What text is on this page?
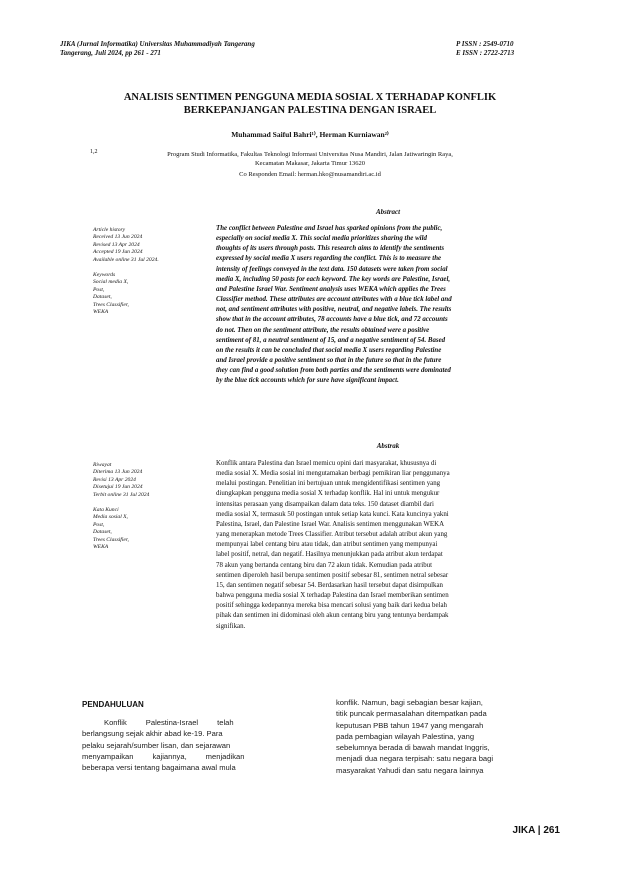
JIKA (Jurnal Informatika) Universitas Muhammadiyah Tangerang
Tangerang, Juli 2024, pp 261 - 271
P ISSN : 2549-0710
E ISSN : 2722-2713
ANALISIS SENTIMEN PENGGUNA MEDIA SOSIAL X TERHADAP KONFLIK
BERKEPANJANGAN PALESTINA DENGAN ISRAEL
Muhammad Saiful Bahri¹⁾, Herman Kurniawan²⁾
1,2	Program Studi Informatika, Fakultas Teknologi Informasi Universitas Nusa Mandiri, Jalan Jatiwaringin Raya,
Kecamatan Makasar, Jakarta Timur 13620
Co Responden Email: herman.hko@nusamandiri.ac.id
Abstract
Article history
Received 13 Jun 2024
Revised 13 Apr 2024
Accepted 19 Jun 2024
Available online 31 Jul 2024.
Keywords
Social media X,
Post,
Dataset,
Trees Classifier,
WEKA
The conflict between Palestine and Israel has sparked opinions from the public,
especially on social media X. This social media prioritizes sharing the wild
thoughts of its users through posts. This research aims to identify the sentiments
expressed by social media X users regarding the conflict. This is to measure the
intensity of feelings conveyed in the text data. 150 datasets were taken from social
media X, including 50 posts for each keyword. The key words are Palestine, Israel,
and Palestine Israel War. Sentiment analysis uses WEKA which applies the Trees
Classifier method. These attributes are account attributes with a blue tick label and
not, and sentiment attributes with positive, neutral, and negative labels. The results
show that in the account attributes, 78 accounts have a blue tick, and 72 accounts
do not. Then on the sentiment attribute, the results obtained were a positive
sentiment of 81, a neutral sentiment of 15, and a negative sentiment of 54. Based
on the results it can be concluded that social media X users regarding Palestine
and Israel provide a positive sentiment so that in the future so that in the future
they can find a good solution from both parties and the sentiments were dominated
by the blue tick accounts which for sure have significant impact.
Abstrak
Riwayat
Diterima 13 Jun 2024
Revisi 13 Apr 2024
Disetujui 19 Jun 2024
Terbit online 31 Jul 2024
Kata Kunci
Media sosial X,
Post,
Dataset,
Trees Classifier,
WEKA
Konflik antara Palestina dan Israel memicu opini dari masyarakat, khususnya di
media sosial X. Media sosial ini mengutamakan berbagi pemikiran liar penggunanya
melalui postingan. Penelitian ini bertujuan untuk mengidentifikasi sentimen yang
diungkapkan pengguna media sosial X terhadap konflik. Hal ini untuk mengukur
intensitas perasaan yang disampaikan dalam data teks. 150 dataset diambil dari
media sosial X, termasuk 50 postingan untuk setiap kata kunci. Kata kuncinya yakni
Palestina, Israel, dan Palestine Israel War. Analisis sentimen menggunakan WEKA
yang menerapkan metode Trees Classifier. Atribut tersebut adalah atribut akun yang
mempunyai label centang biru atau tidak, dan atribut sentimen yang mempunyai
label positif, netral, dan negatif. Hasilnya menunjukkan pada atribut akun terdapat
78 akun yang bertanda centang biru dan 72 akun tidak. Kemudian pada atribut
sentimen diperoleh hasil berupa sentimen positif sebesar 81, sentimen netral sebesar
15, dan sentimen negatif sebesar 54. Berdasarkan hasil tersebut dapat disimpulkan
bahwa pengguna media sosial X terhadap Palestina dan Israel memberikan sentimen
positif sehingga kedepannya mereka bisa mencari solusi yang baik dari kedua belah
pihak dan sentimen ini didominasi oleh akun centang biru yang tentunya berdampak
signifikan.
PENDAHULUAN
Konflik         Palestina-Israel         telah
berlangsung sejak akhir abad ke-19. Para
pelaku sejarah/sumber lisan, dan sejarawan
menyampaikan         kajiannya,         menjadikan
beberapa versi tentang bagaimana awal mula
konflik. Namun, bagi sebagian besar kajian,
titik puncak permasalahan ditempatkan pada
keputusan PBB tahun 1947 yang mengarah
pada pembagian wilayah Palestina, yang
sebelumnya berada di bawah mandat Inggris,
menjadi dua negara terpisah: satu negara bagi
masyarakat Yahudi dan satu negara lainnya
JIKA | 261
